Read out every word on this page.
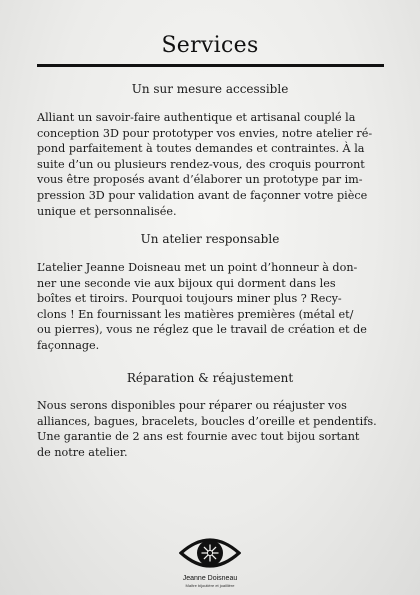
Services
Un sur mesure accessible
Alliant un savoir-faire authentique et artisanal couplé la
conception 3D pour prototyper vos envies, notre atelier ré-
pond parfaitement à toutes demandes et contraintes. À la
suite d’un ou plusieurs rendez-vous, des croquis pourront
vous être proposés avant d’élaborer un prototype par im-
pression 3D pour validation avant de façonner votre pièce
unique et personnalisée.
Un atelier responsable
L’atelier Jeanne Doisneau met un point d’honneur à don-
ner une seconde vie aux bijoux qui dorment dans les
boîtes et tiroirs. Pourquoi toujours miner plus ? Recy-
clons ! En fournissant les matières premières (métal et/
ou pierres), vous ne réglez que le travail de création et de
façonnage.
Réparation & réajustement
Nous serons disponibles pour réparer ou réajuster vos
alliances, bagues, bracelets, boucles d’oreille et pendentifs.
Une garantie de 2 ans est fournie avec tout bijou sortant
de notre atelier.
Jeanne Doisneau
Maître bijoutière et joaillière
